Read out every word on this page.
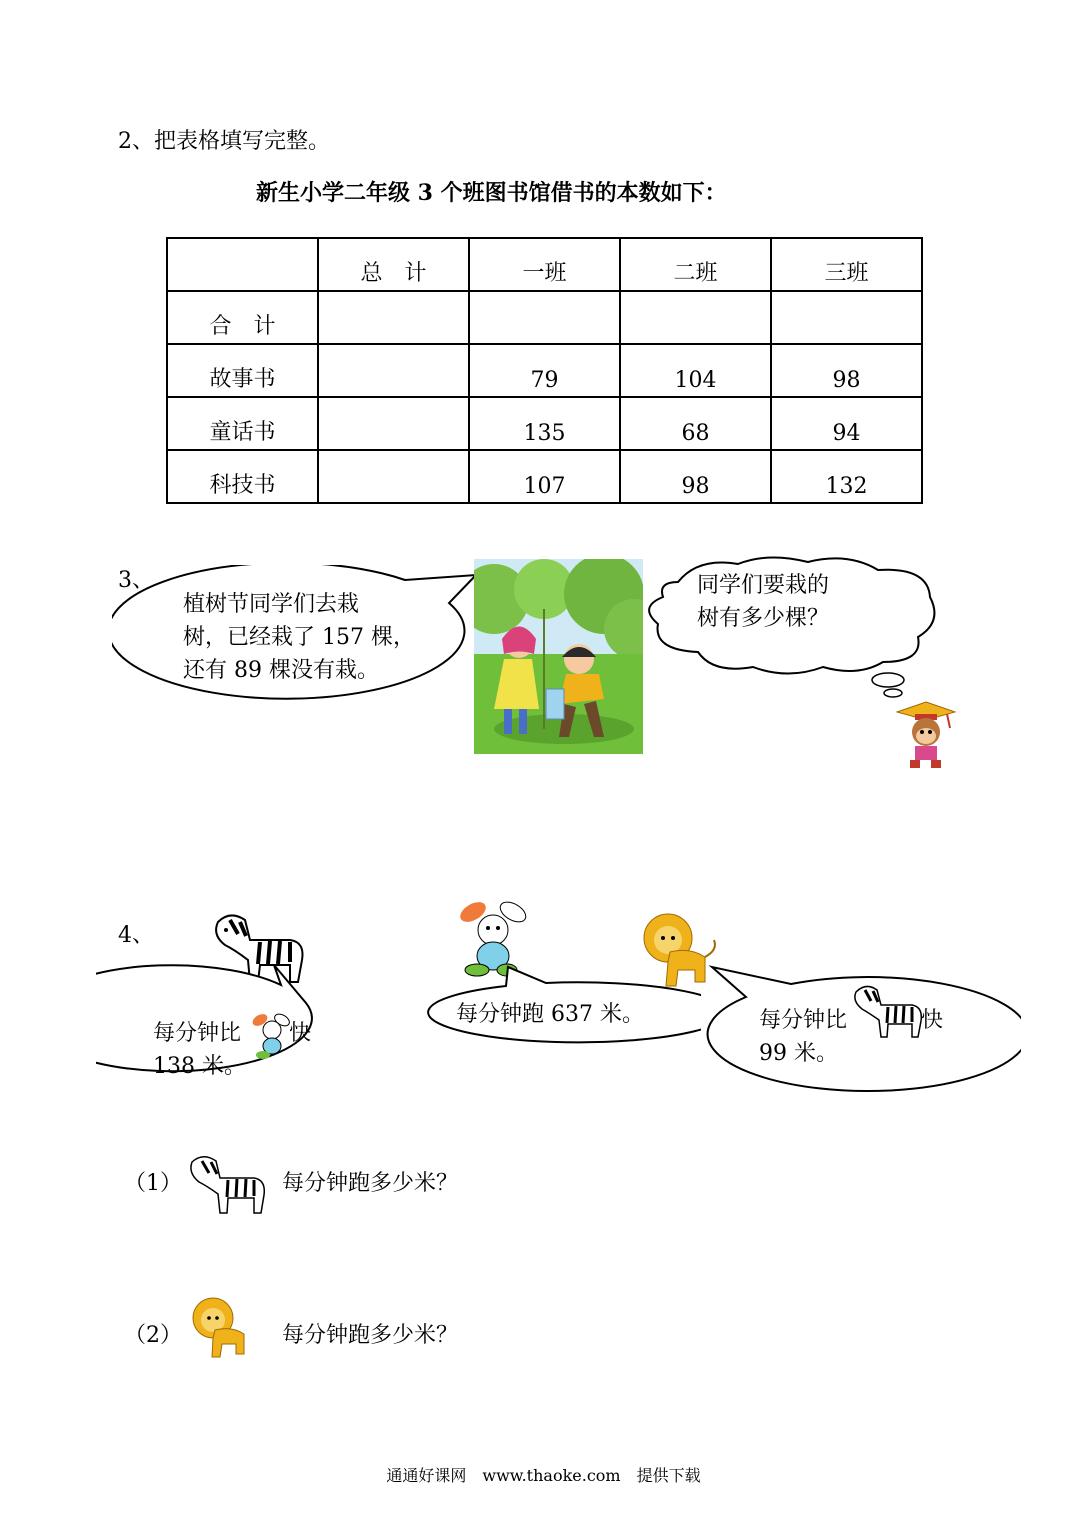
2、把表格填写完整。
新生小学二年级 3 个班图书馆借书的本数如下：
	总　计	一班	二班	三班
合　计				
故事书		79	104	98
童话书		135	68	94
科技书		107	98	132
3、
植树节同学们去栽
树，已经栽了 157 棵，
还有 89 棵没有栽。
同学们要栽的
树有多少棵？
4、
每分钟比 快
138 米。
每分钟跑 637 米。	每分钟比	快
99 米。
（1）	每分钟跑多少米？
（2）	每分钟跑多少米？
通通好课网　www.thaoke.com　提供下载
